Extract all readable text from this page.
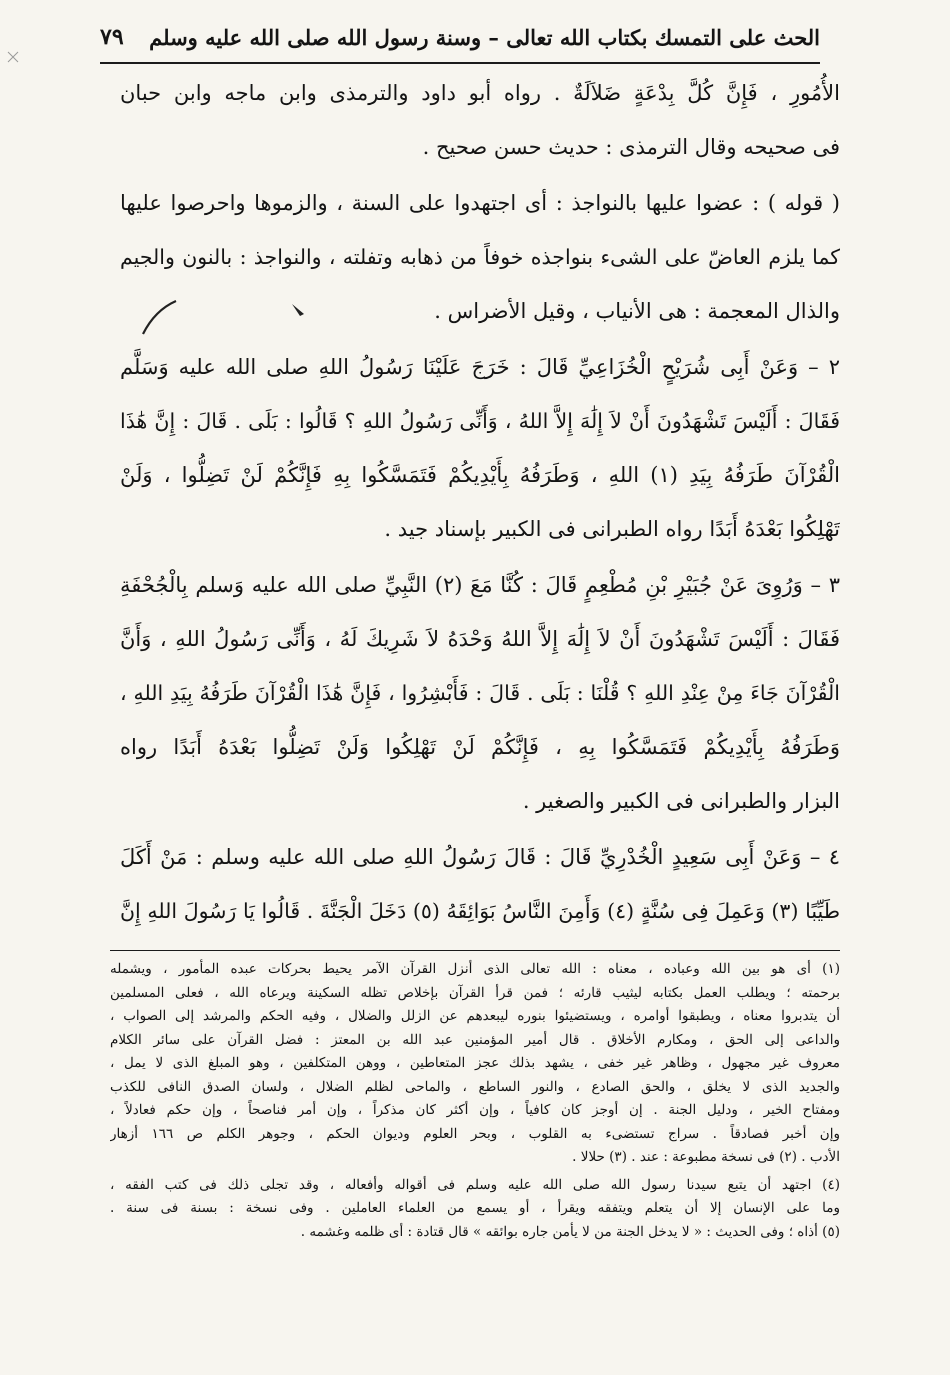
الحث على التمسك بكتاب الله تعالى – وسنة رسول الله صلى الله عليه وسلم
٧٩
الأُمُورِ ، فَإِنَّ كُلَّ بِدْعَةٍ ضَلاَلَةٌ . رواه أبو داود والترمذى وابن ماجه وابن حبان
فى صحيحه وقال الترمذى : حديث حسن صحيح .
( قوله ) : عضوا عليها بالنواجذ : أى اجتهدوا على السنة ، والزموها واحرصوا عليها
كما يلزم العاضّ على الشىء بنواجذه خوفاً من ذهابه وتفلته ، والنواجذ : بالنون والجيم
والذال المعجمة : هى الأنياب ، وقيل الأضراس .
٢ – وَعَنْ أَبِى شُرَيْحٍ الْخُزَاعِيِّ قَالَ : خَرَجَ عَلَيْنَا رَسُولُ اللهِ صلى الله عليه وَسَلَّم
فَقَالَ : أَلَيْسَ تَشْهَدُونَ أَنْ لاَ إِلَٰهَ إِلاَّ اللهُ ، وَأَنِّى رَسُولُ اللهِ ؟ قَالُوا : بَلَى . قَالَ : إِنَّ هَٰذَا
الْقُرْآنَ طَرَفُهُ بِيَدِ (١) اللهِ ، وَطَرَفُهُ بِأَيْدِيكُمْ فَتَمَسَّكُوا بِهِ فَإِنَّكُمْ لَنْ تَضِلُّوا ، وَلَنْ
تَهْلِكُوا بَعْدَهُ أَبَدًا رواه الطبرانى فى الكبير بإسناد جيد .
٣ – وَرُوِىَ عَنْ جُبَيْرِ بْنِ مُطْعِمٍ قَالَ : كُنَّا مَعَ (٢) النَّبِيِّ صلى الله عليه وَسلم بِالْجُحْفَةِ
فَقَالَ : أَلَيْسَ تَشْهَدُونَ أَنْ لاَ إِلَٰهَ إِلاَّ اللهُ وَحْدَهُ لاَ شَرِيكَ لَهُ ، وَأَنِّى رَسُولُ اللهِ ، وَأَنَّ
الْقُرْآنَ جَاءَ مِنْ عِنْدِ اللهِ ؟ قُلْنَا : بَلَى . قَالَ : فَأَبْشِرُوا ، فَإِنَّ هَٰذَا الْقُرْآنَ طَرَفُهُ بِيَدِ اللهِ ،
وَطَرَفُهُ بِأَيْدِيكُمْ فَتَمَسَّكُوا بِهِ ، فَإِنَّكُمْ لَنْ تَهْلِكُوا وَلَنْ تَضِلُّوا بَعْدَهُ أَبَدًا رواه
البزار والطبرانى فى الكبير والصغير .
٤ – وَعَنْ أَبِى سَعِيدٍ الْخُدْرِيِّ قَالَ : قَالَ رَسُولُ اللهِ صلى الله عليه وسلم : مَنْ أَكَلَ
طَيِّبًا (٣) وَعَمِلَ فِى سُنَّةٍ (٤) وَأَمِنَ النَّاسُ بَوَائِقَهُ (٥) دَخَلَ الْجَنَّةَ . قَالُوا يَا رَسُولَ اللهِ إِنَّ
(١) أى هو بين الله وعباده ، معناه : الله تعالى الذى أنزل القرآن الآمر يحيط بحركات عبده المأمور ، ويشمله
برحمته ؛ ويطلب العمل بكتابه ليثيب قارئه ؛ فمن قرأ القرآن بإخلاص تظله السكينة ويرعاه الله ، فعلى المسلمين
أن يتدبروا معناه ، ويطبقوا أوامره ، ويستضيئوا بنوره ليبعدهم عن الزلل والضلال ، وفيه الحكم والمرشد إلى الصواب ،
والداعى إلى الحق ، ومكارم الأخلاق . قال أمير المؤمنين عبد الله بن المعتز : فضل القرآن على سائر الكلام
معروف غير مجهول ، وظاهر غير خفى ، يشهد بذلك عجز المتعاطين ، ووهن المتكلفين ، وهو المبلغ الذى لا يمل ،
والجديد الذى لا يخلق ، والحق الصادع ، والنور الساطع ، والماحى لظلم الضلال ، ولسان الصدق النافى للكذب
ومفتاح الخير ، ودليل الجنة . إن أوجز كان كافياً ، وإن أكثر كان مذكراً ، وإن أمر فناصحاً ، وإن حكم فعادلاً ،
وإن أخبر فصادقاً . سراج تستضىء به القلوب ، وبحر العلوم وديوان الحكم ، وجوهر الكلم ص ١٦٦ أزهار
الأدب . (٢) فى نسخة مطبوعة : عند . (٣) حلالا .
(٤) اجتهد أن يتبع سيدنا رسول الله صلى الله عليه وسلم فى أقواله وأفعاله ، وقد تجلى ذلك فى كتب الفقه ،
وما على الإنسان إلا أن يتعلم ويتفقه ويقرأ ، أو يسمع من العلماء العاملين . وفى نسخة : بسنة فى سنة .
(٥) أذاه ؛ وفى الحديث : « لا يدخل الجنة من لا يأمن جاره بوائقه » قال قتادة : أى ظلمه وغشمه .
